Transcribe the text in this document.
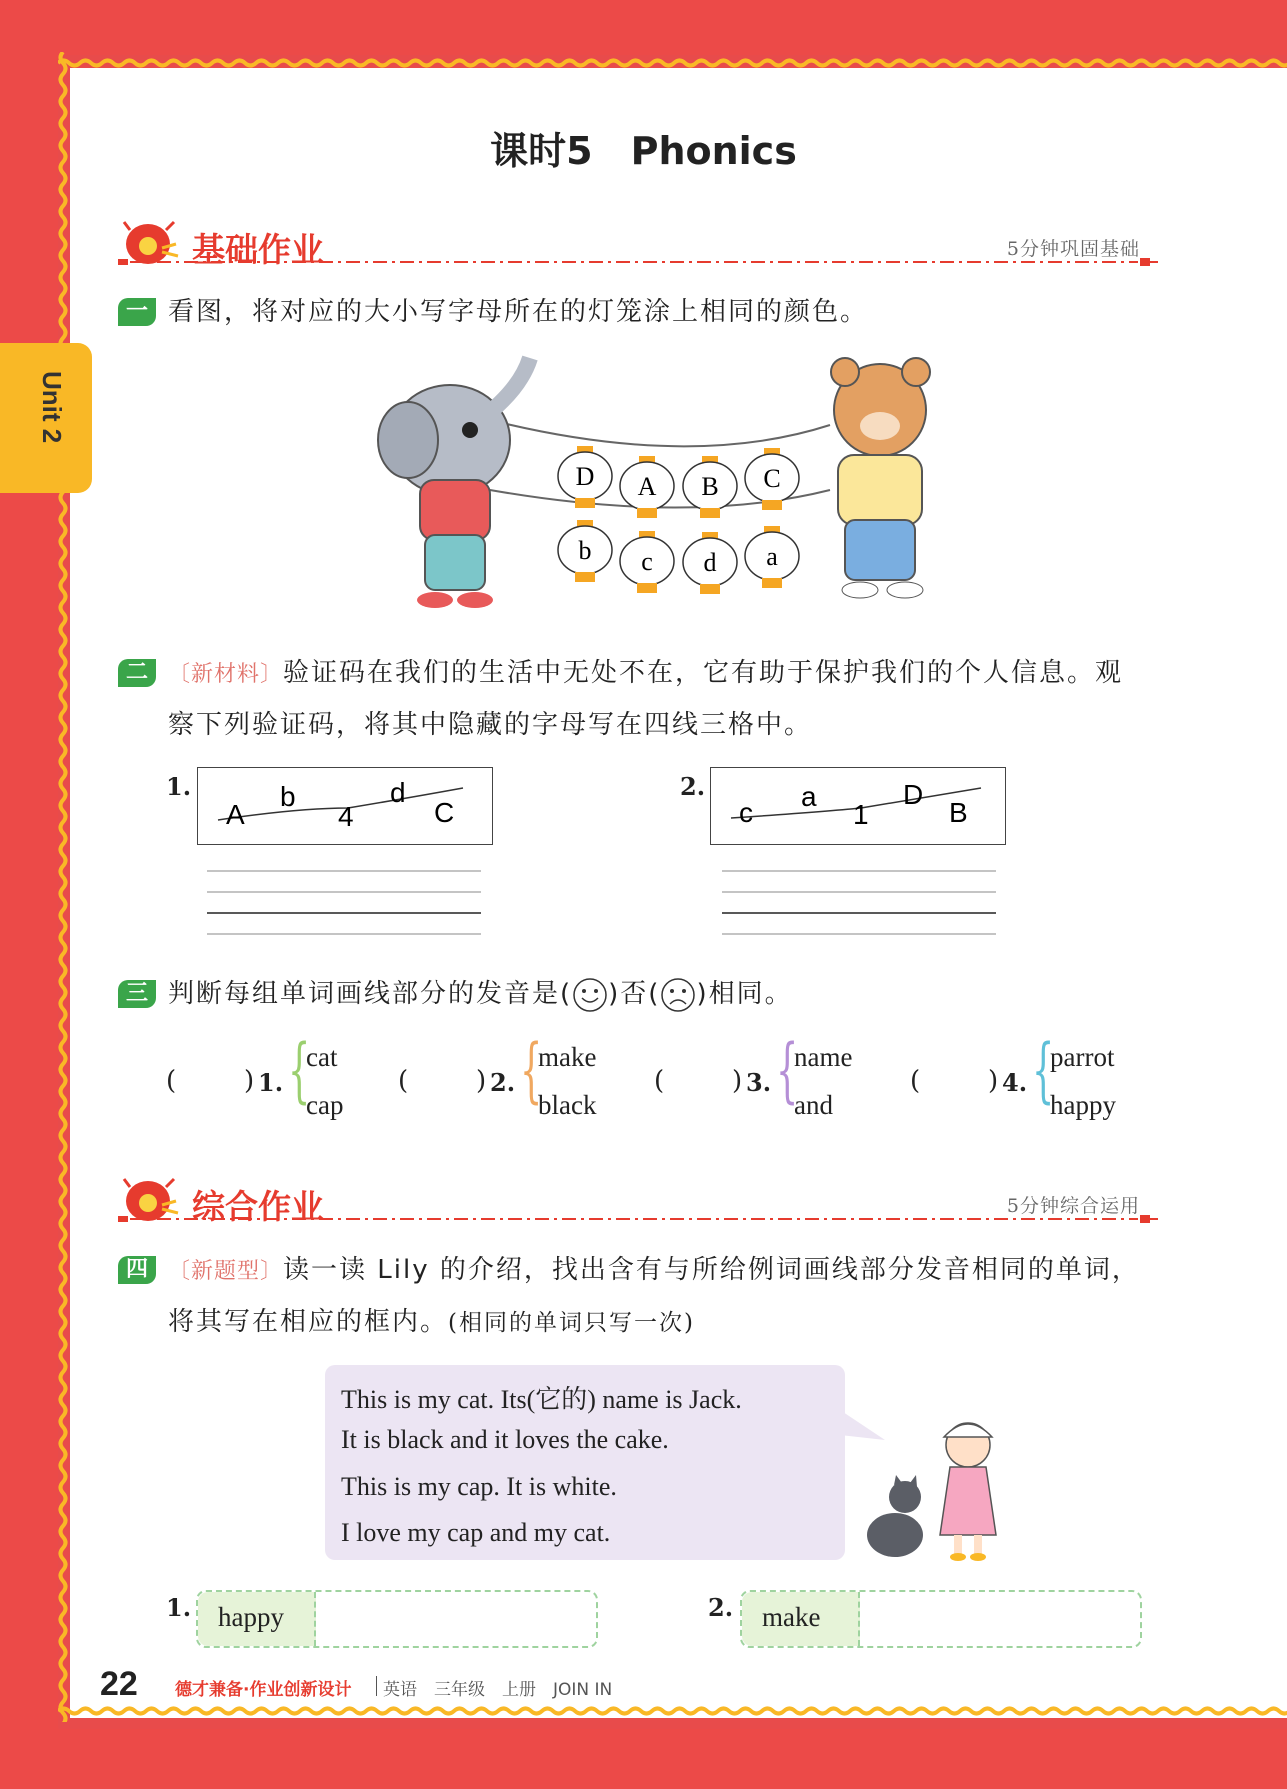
Unit 2
课时5　Phonics
基础作业	5分钟巩固基础
一 看图，将对应的大小写字母所在的灯笼涂上相同的颜色。
D A B C
b c d a
二 〔新材料〕验证码在我们的生活中无处不在，它有助于保护我们的个人信息。观
察下列验证码，将其中隐藏的字母写在四线三格中。
1.
A
b
4
d
C
2.
c
a
1
D
B
三 判断每组单词画线部分的发音是( )否( )相同。
(	) 1. {
cat
cap
(	) 2. {
make
black
(	) 3. {
name
and
(	) 4. {
parrot
happy
综合作业	5分钟综合运用
四 〔新题型〕读一读 Lily 的介绍，找出含有与所给例词画线部分发音相同的单词，
将其写在相应的框内。(相同的单词只写一次)

This is my cat. Its(它的) name is Jack.

It is black and it loves the cake.

This is my cap. It is white.

I love my cap and my cat.

1. happy	2. make
22 德才兼备·作业创新设计 英语　三年级　上册　JOIN IN
